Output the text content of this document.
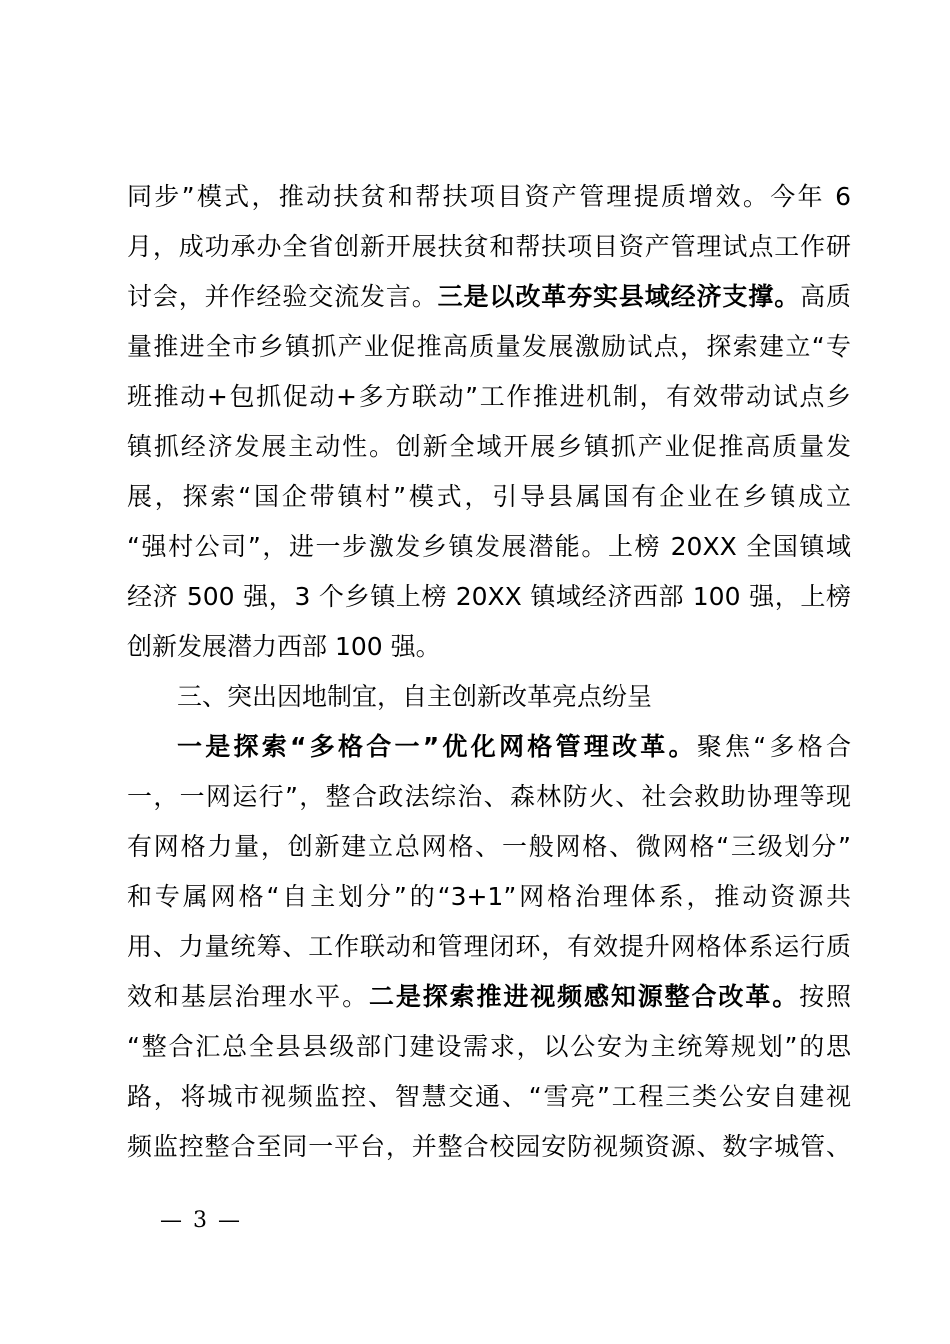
同步”模式，推动扶贫和帮扶项目资产管理提质增效。今年 6
月，成功承办全省创新开展扶贫和帮扶项目资产管理试点工作研
讨会，并作经验交流发言。三是以改革夯实县域经济支撑。高质
量推进全市乡镇抓产业促推高质量发展激励试点，探索建立“专
班推动+包抓促动+多方联动”工作推进机制，有效带动试点乡
镇抓经济发展主动性。创新全域开展乡镇抓产业促推高质量发
展，探索“国企带镇村”模式，引导县属国有企业在乡镇成立
“强村公司”，进一步激发乡镇发展潜能。上榜 20XX 全国镇域
经济 500 强，3 个乡镇上榜 20XX 镇域经济西部 100 强，上榜
创新发展潜力西部 100 强。
三、突出因地制宜，自主创新改革亮点纷呈
一是探索“多格合一”优化网格管理改革。聚焦“多格合
一，一网运行”，整合政法综治、森林防火、社会救助协理等现
有网格力量，创新建立总网格、一般网格、微网格“三级划分”
和专属网格“自主划分”的“3+1”网格治理体系，推动资源共
用、力量统筹、工作联动和管理闭环，有效提升网格体系运行质
效和基层治理水平。二是探索推进视频感知源整合改革。按照
“整合汇总全县县级部门建设需求，以公安为主统筹规划”的思
路，将城市视频监控、智慧交通、“雪亮”工程三类公安自建视
频监控整合至同一平台，并整合校园安防视频资源、数字城管、
— 3 —
